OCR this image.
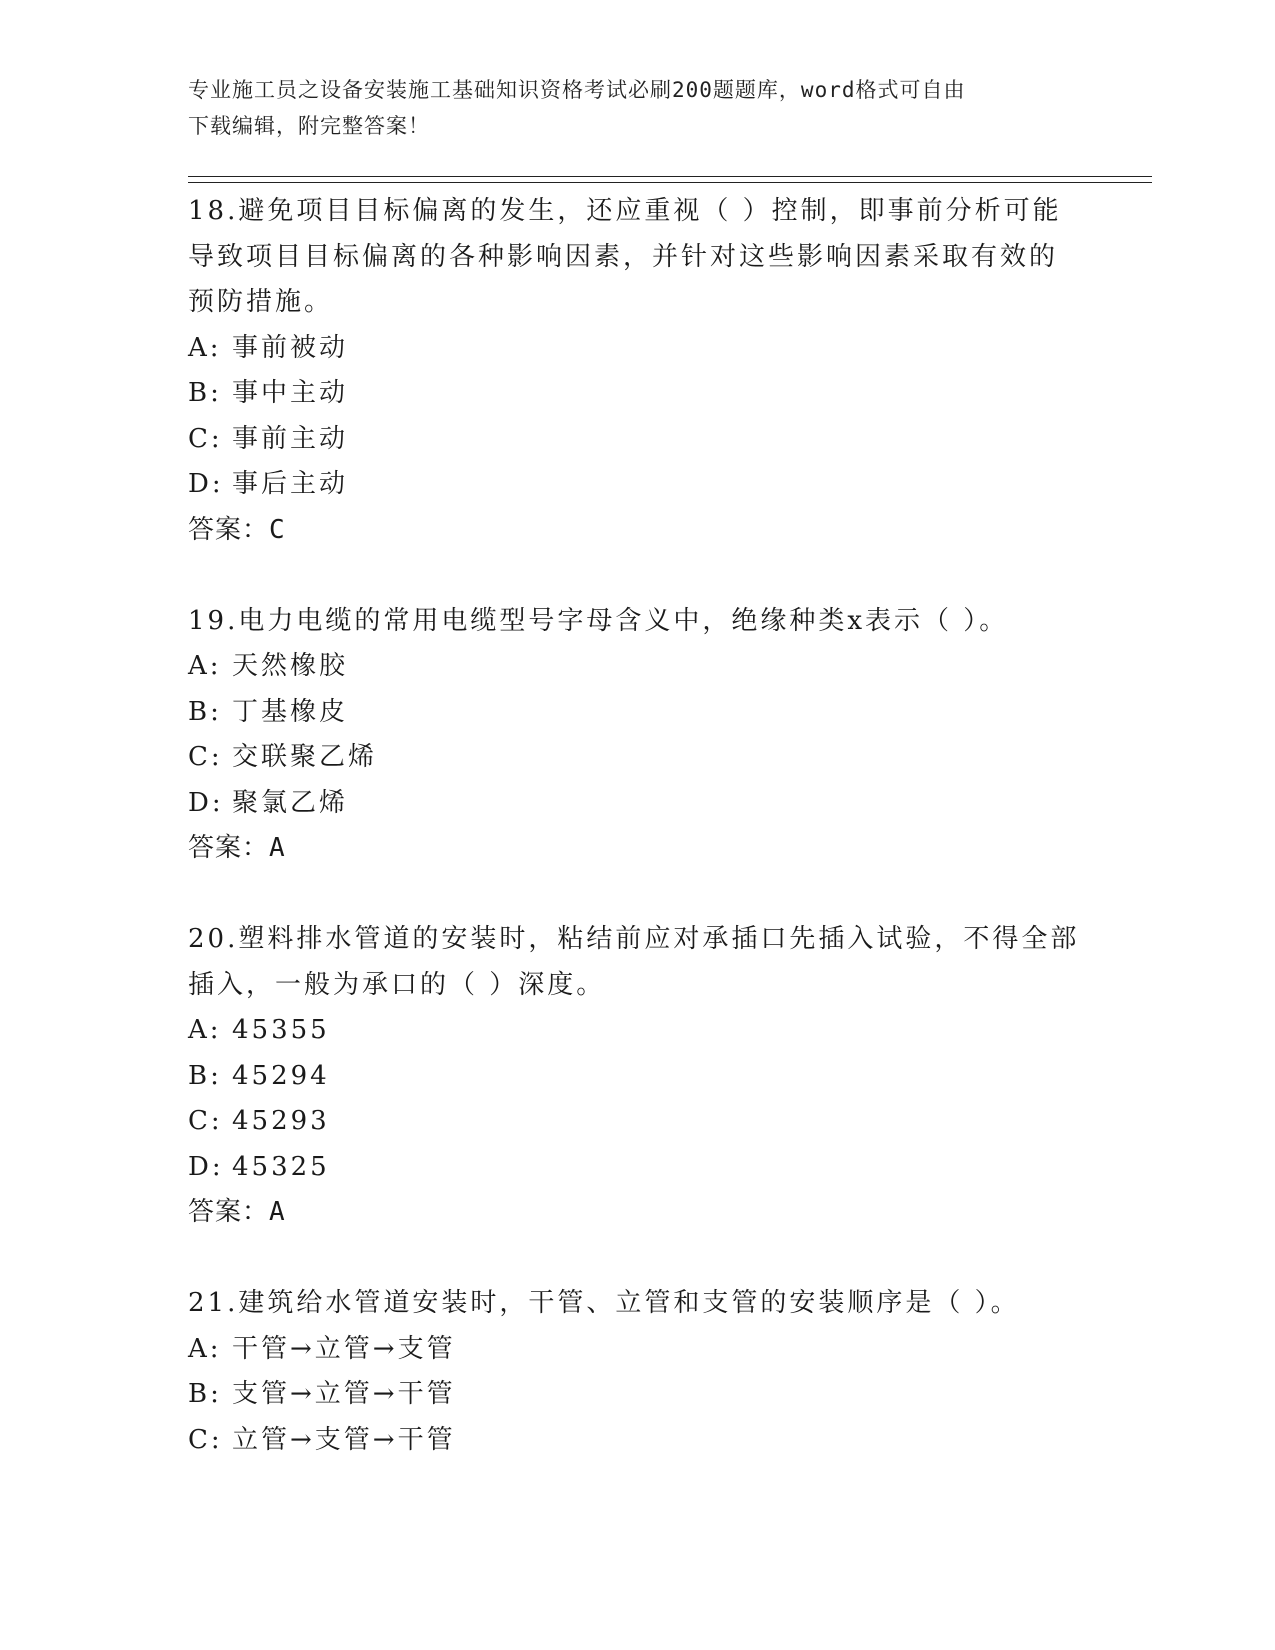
专业施工员之设备安装施工基础知识资格考试必刷200题题库，word格式可自由
下载编辑，附完整答案！

18.避免项目目标偏离的发生，还应重视（ ）控制，即事前分析可能

导致项目目标偏离的各种影响因素，并针对这些影响因素采取有效的

预防措施。

A: 事前被动

B: 事中主动

C: 事前主动

D: 事后主动

答案：C

19.电力电缆的常用电缆型号字母含义中，绝缘种类x表示（ ）。

A: 天然橡胶

B: 丁基橡皮

C: 交联聚乙烯

D: 聚氯乙烯

答案：A

20.塑料排水管道的安装时，粘结前应对承插口先插入试验，不得全部

插入，一般为承口的（ ）深度。

A: 45355

B: 45294

C: 45293

D: 45325

答案：A

21.建筑给水管道安装时，干管、立管和支管的安装顺序是（ ）。

A: 干管→立管→支管

B: 支管→立管→干管

C: 立管→支管→干管
